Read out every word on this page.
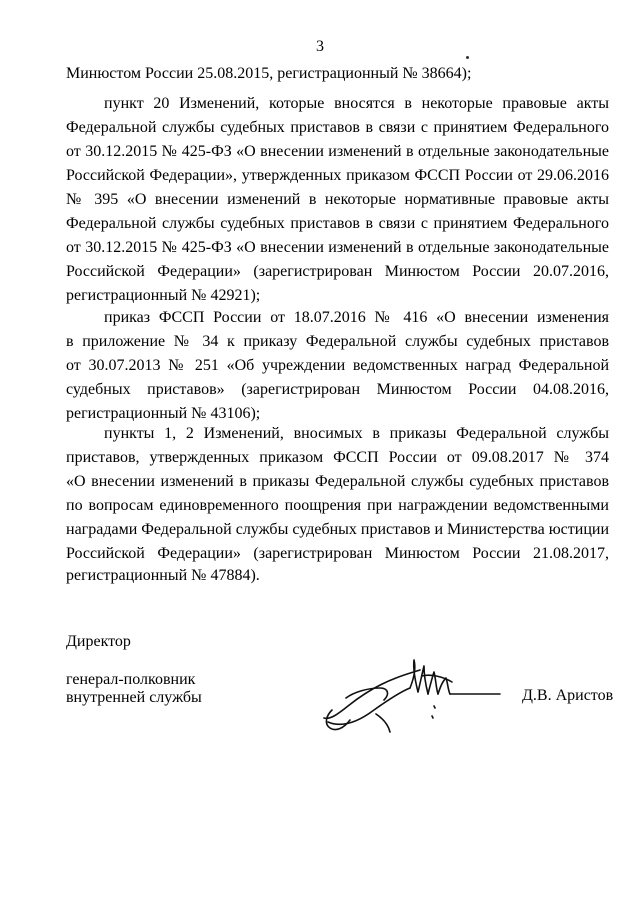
3
Минюстом России 25.08.2015, регистрационный № 38664);
пункт 20 Изменений, которые вносятся в некоторые правовые акты
Федеральной службы судебных приставов в связи с принятием Федерального
от 30.12.2015 № 425-ФЗ «О внесении изменений в отдельные законодательные
Российской Федерации», утвержденных приказом ФССП России от 29.06.2016
№ 395 «О внесении изменений в некоторые нормативные правовые акты
Федеральной службы судебных приставов в связи с принятием Федерального
от 30.12.2015 № 425-ФЗ «О внесении изменений в отдельные законодательные
Российской Федерации» (зарегистрирован Минюстом России 20.07.2016,
регистрационный № 42921);
приказ ФССП России от 18.07.2016 № 416 «О внесении изменения
в приложение № 34 к приказу Федеральной службы судебных приставов
от 30.07.2013 № 251 «Об учреждении ведомственных наград Федеральной
судебных приставов» (зарегистрирован Минюстом России 04.08.2016,
регистрационный № 43106);
пункты 1, 2 Изменений, вносимых в приказы Федеральной службы
приставов, утвержденных приказом ФССП России от 09.08.2017 № 374
«О внесении изменений в приказы Федеральной службы судебных приставов
по вопросам единовременного поощрения при награждении ведомственными
наградами Федеральной службы судебных приставов и Министерства юстиции
Российской Федерации» (зарегистрирован Минюстом России 21.08.2017,
регистрационный № 47884).
Директор
генерал-полковник
внутренней службы	Д.В. Аристов
